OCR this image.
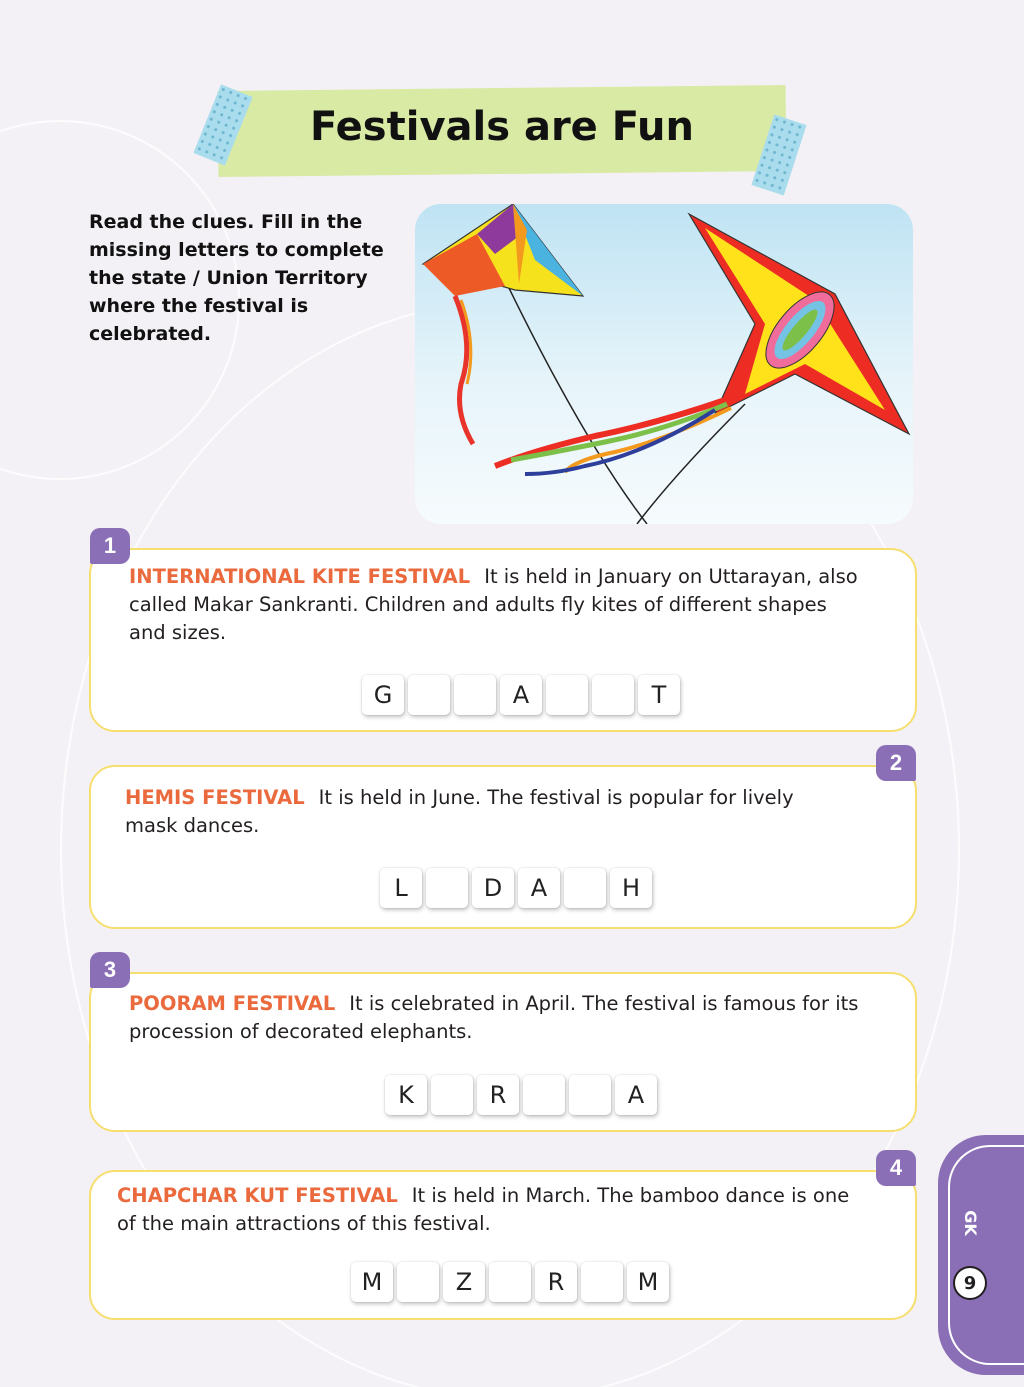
Festivals are Fun

Read the clues. Fill in the missing letters to complete the state / Union Territory where the festival is celebrated.

1
INTERNATIONAL KITE FESTIVAL It is held in January on Uttarayan, also
called Makar Sankranti. Children and adults fly kites of different shapes
and sizes.
G	A	T
2
HEMIS FESTIVAL It is held in June. The festival is popular for lively
mask dances.
L	D	A	H
3
POORAM FESTIVAL It is celebrated in April. The festival is famous for its
procession of decorated elephants.
K	R	A
4
CHAPCHAR KUT FESTIVAL It is held in March. The bamboo dance is one
of the main attractions of this festival.
M	Z	R	M
GK
9
